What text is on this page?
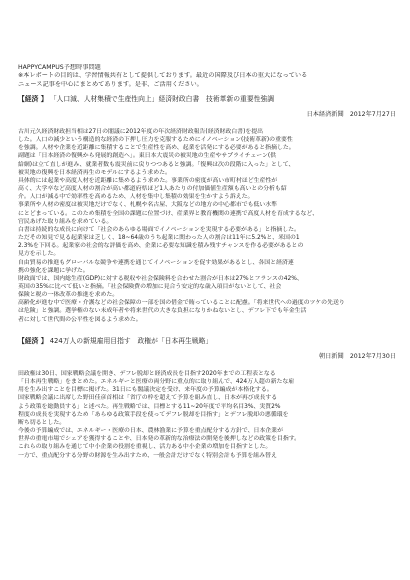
HAPPYCAMPUS予想時事問題
※本レポートの目的は、学習情報共有として提供しております。最近の国際及び日本の重大になっている
ニュース記事を中心にまとめてあります。是非、ご活用ください。
【経済 】 「人口減、人材集積で生産性向上」経済財政白書　技術革新の重要性強調
日本経済新聞　2012年7月27日

古川元久経済財政担当相は27日の閣議に2012年度の年次経済財政報告(経済財政白書)を提出
した。人口の減少という構造的な経済の下押し圧力を克服するためにイノベーション(技術革新)の重要性
を強調。人材や企業を近距離に集積することで生産性を高め、起業を活発にする必要があると指摘した。
副題は「日本経済の復興から発展的創造へ」。東日本大震災の被災地の生産やサプライチェーン(供
給網)は立て直しが進み、就業者数も震災前に戻りつつあると強調。「復興は次の段階に入った」として、
被災地の復興を日本経済再生のモデルにするよう求めた。

具体的には起業や高度人材を近距離に集めるよう求めた。事業所の密度が高い市町村ほど生産性が
高く、大学卒など高度人材の割合が高い都道府県ほど1人あたりの付加価値生産額も高いとの分析も紹
介。人口が減る中で効率性を高めるため、人材を集中し集積の効果を生かすよう訴えた。
事業所や人材の密度は被災地だけでなく、札幌や名古屋、大阪などの地方の中心都市でも低い水準
にとどまっている。このため集積を全国の課題に位置づけ、産業界と教育機関の連携で高度人材を育成するなど、
官民あげた取り組みを求めている。

白書は持続的な成長に向けて「社会のあらゆる場面でイノベーションを実現する必要がある」と指摘した。
ただその知見で見る起業家は乏しく、18~64歳のうち起業に関わった人の割合は11年に5.2%と、米国の1
2.3%を下回る。起業家の社会的な評価を高め、企業に必要な知識を積み残すチャンスを作る必要があるとの
見方を示した。

自由貿易の推進もグローバルな競争や連携を通じてイノベーションを促す効果があるとし、各国と経済連
携の強化を課題に挙げた。

財政面では、国内総生産(GDP)に対する税収や社会保険料を合わせた割合が日本は27%とフランスの42%、
英国の35%に比べて低いと指摘。「社会保険費の増加に見合う安定的な歳入項目がないとして、社会
保険と税の一体改革の推進を求めた。

高齢化が進む中で医療・介護などの社会保障の一部を国の借金で賄っていることに配慮。「将来世代への過度のツケの先送り
は危険」と強調。選挙権のない未成年者や将来世代の大きな負担になりかねないとし、デフレ下でも年金生活
者に対して世代間の公平性を図るよう求めた。

【経済 】 424万人の新規雇用目指す　政権が「日本再生戦略」
朝日新聞　2012年7月30日

田政権は30日、国家戦略会議を開き、デフレ脱却と経済成長を目指す2020年までの工程表となる
「日本再生戦略」をまとめた。エネルギーと医療の両分野に重点的に取り組んで、424万人超の新たな雇
用を生み出すことを目標に掲げた。31日にも閣議決定を受け、来年度の予算編成が本格化する。

国家戦略会議に出席した野田佳彦首相は「省庁の枠を超えて予算を組み直し、日本が再び成長する
よう政策を総動員する」と述べた。再生戦略では、目標とする11~20年度で平均名目3%、実質2%
程度の成長を実現するため「あらゆる政策手段を使ってデフレ脱却を目指す」とデフレ脱却の悪循環を
断ち切るとした。

今後の予算編成では、エネルギー・医療の日本、農林漁業に予算を重点配分する方針で、日本企業が
世界の重電市場でシェアを獲得することや、日本発の革新的な治療法の開発を後押しなどの政策を目指す。
これらの取り組みを通じて中小企業の役割を重視し、活力ある中小企業の増加を目指すとした。

一方で、重点配分する分野の財源を生み出すため、一般会計だけでなく特別会計も予算を組み替え
